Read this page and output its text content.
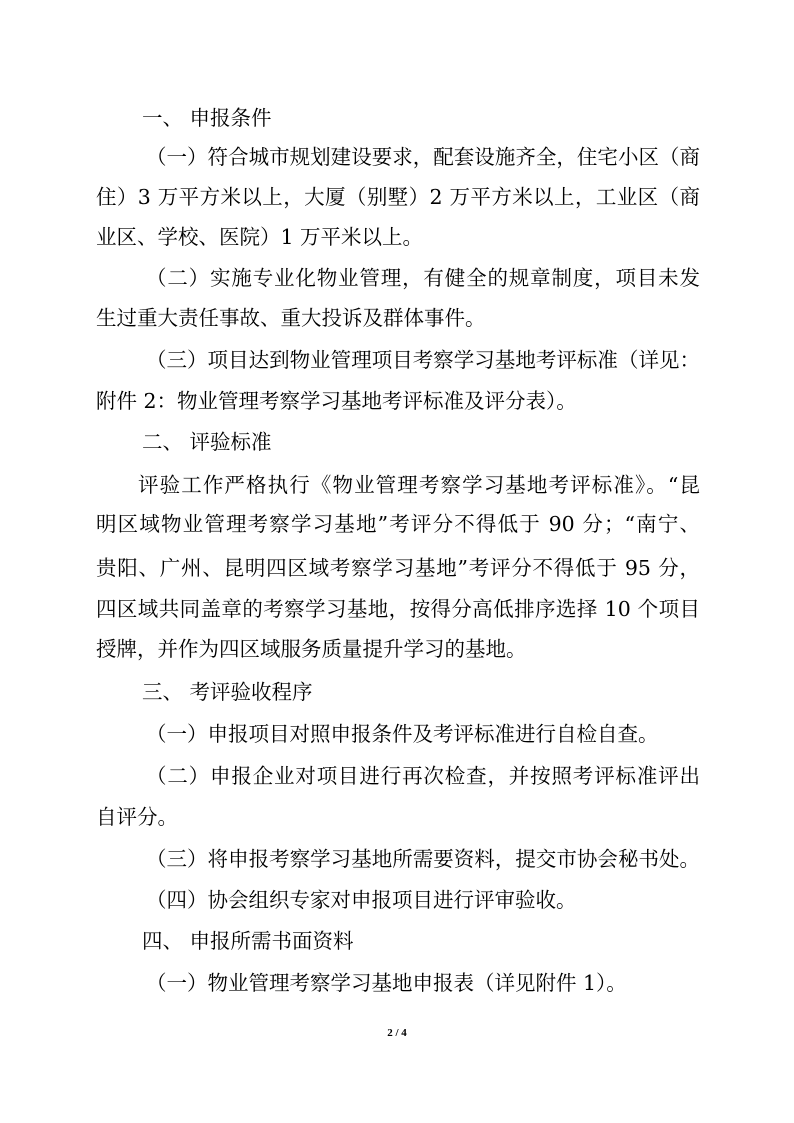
一、 申报条件
（一）符合城市规划建设要求，配套设施齐全，住宅小区（商
住）3 万平方米以上，大厦（别墅）2 万平方米以上，工业区（商
业区、学校、医院）1 万平米以上。
（二）实施专业化物业管理，有健全的规章制度，项目未发
生过重大责任事故、重大投诉及群体事件。
（三）项目达到物业管理项目考察学习基地考评标准（详见：
附件 2：物业管理考察学习基地考评标准及评分表）。
二、 评验标准
评验工作严格执行《物业管理考察学习基地考评标准》。“昆
明区域物业管理考察学习基地”考评分不得低于 90 分；“南宁、
贵阳、广州、昆明四区域考察学习基地”考评分不得低于 95 分，
四区域共同盖章的考察学习基地，按得分高低排序选择 10 个项目
授牌，并作为四区域服务质量提升学习的基地。
三、 考评验收程序
（一）申报项目对照申报条件及考评标准进行自检自查。
（二）申报企业对项目进行再次检查，并按照考评标准评出
自评分。
（三）将申报考察学习基地所需要资料，提交市协会秘书处。
（四）协会组织专家对申报项目进行评审验收。
四、 申报所需书面资料
（一）物业管理考察学习基地申报表（详见附件 1）。
2 / 4
